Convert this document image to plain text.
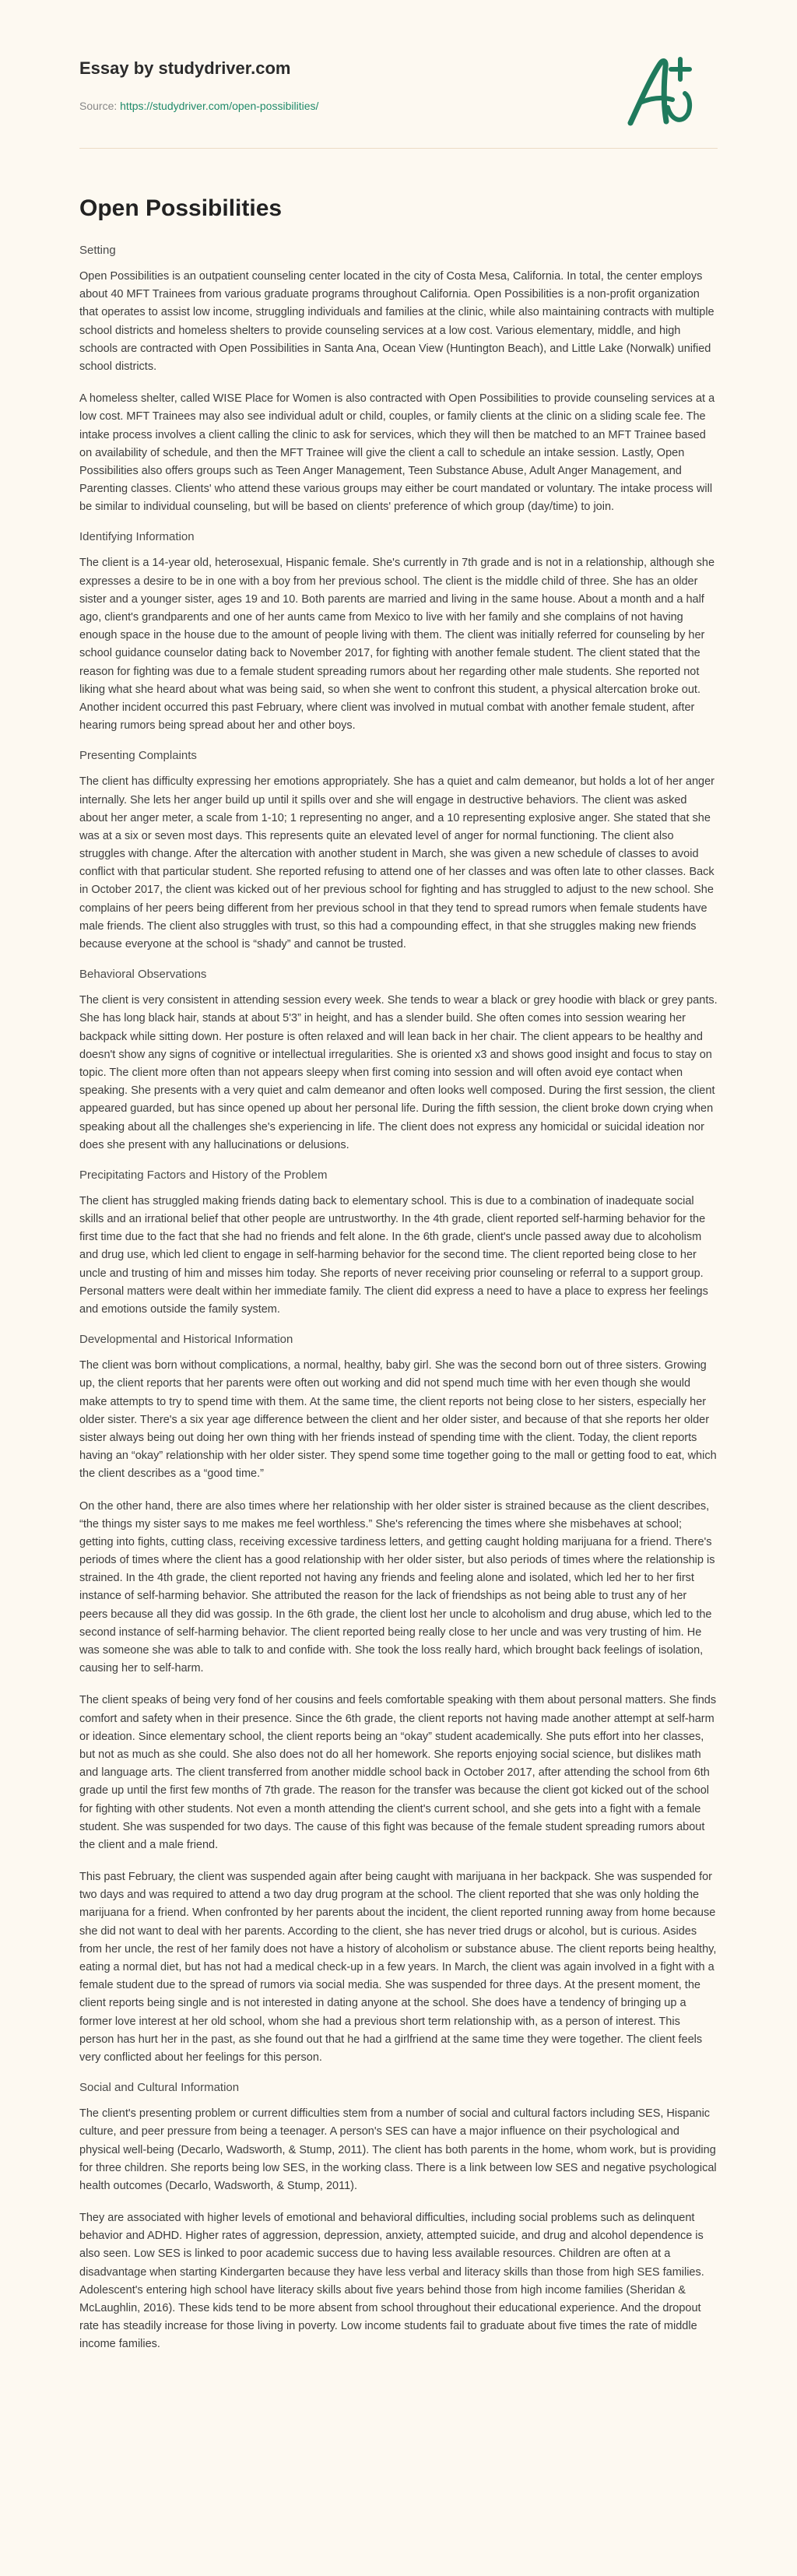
Essay by studydriver.com
Source: https://studydriver.com/open-possibilities/
Open Possibilities
Setting

Open Possibilities is an outpatient counseling center located in the city of Costa Mesa, California. In total, the center employs about 40 MFT Trainees from various graduate programs throughout California. Open Possibilities is a non-profit organization that operates to assist low income, struggling individuals and families at the clinic, while also maintaining contracts with multiple school districts and homeless shelters to provide counseling services at a low cost. Various elementary, middle, and high schools are contracted with Open Possibilities in Santa Ana, Ocean View (Huntington Beach), and Little Lake (Norwalk) unified school districts.

A homeless shelter, called WISE Place for Women is also contracted with Open Possibilities to provide counseling services at a low cost. MFT Trainees may also see individual adult or child, couples, or family clients at the clinic on a sliding scale fee. The intake process involves a client calling the clinic to ask for services, which they will then be matched to an MFT Trainee based on availability of schedule, and then the MFT Trainee will give the client a call to schedule an intake session. Lastly, Open Possibilities also offers groups such as Teen Anger Management, Teen Substance Abuse, Adult Anger Management, and Parenting classes. Clients' who attend these various groups may either be court mandated or voluntary. The intake process will be similar to individual counseling, but will be based on clients' preference of which group (day/time) to join.

Identifying Information

The client is a 14-year old, heterosexual, Hispanic female. She's currently in 7th grade and is not in a relationship, although she expresses a desire to be in one with a boy from her previous school. The client is the middle child of three. She has an older sister and a younger sister, ages 19 and 10. Both parents are married and living in the same house. About a month and a half ago, client's grandparents and one of her aunts came from Mexico to live with her family and she complains of not having enough space in the house due to the amount of people living with them. The client was initially referred for counseling by her school guidance counselor dating back to November 2017, for fighting with another female student. The client stated that the reason for fighting was due to a female student spreading rumors about her regarding other male students. She reported not liking what she heard about what was being said, so when she went to confront this student, a physical altercation broke out. Another incident occurred this past February, where client was involved in mutual combat with another female student, after hearing rumors being spread about her and other boys.

Presenting Complaints

The client has difficulty expressing her emotions appropriately. She has a quiet and calm demeanor, but holds a lot of her anger internally. She lets her anger build up until it spills over and she will engage in destructive behaviors. The client was asked about her anger meter, a scale from 1-10; 1 representing no anger, and a 10 representing explosive anger. She stated that she was at a six or seven most days. This represents quite an elevated level of anger for normal functioning. The client also struggles with change. After the altercation with another student in March, she was given a new schedule of classes to avoid conflict with that particular student. She reported refusing to attend one of her classes and was often late to other classes. Back in October 2017, the client was kicked out of her previous school for fighting and has struggled to adjust to the new school. She complains of her peers being different from her previous school in that they tend to spread rumors when female students have male friends. The client also struggles with trust, so this had a compounding effect, in that she struggles making new friends because everyone at the school is “shady” and cannot be trusted.

Behavioral Observations

The client is very consistent in attending session every week. She tends to wear a black or grey hoodie with black or grey pants. She has long black hair, stands at about 5'3” in height, and has a slender build. She often comes into session wearing her backpack while sitting down. Her posture is often relaxed and will lean back in her chair. The client appears to be healthy and doesn't show any signs of cognitive or intellectual irregularities. She is oriented x3 and shows good insight and focus to stay on topic. The client more often than not appears sleepy when first coming into session and will often avoid eye contact when speaking. She presents with a very quiet and calm demeanor and often looks well composed. During the first session, the client appeared guarded, but has since opened up about her personal life. During the fifth session, the client broke down crying when speaking about all the challenges she's experiencing in life. The client does not express any homicidal or suicidal ideation nor does she present with any hallucinations or delusions.

Precipitating Factors and History of the Problem

The client has struggled making friends dating back to elementary school. This is due to a combination of inadequate social skills and an irrational belief that other people are untrustworthy. In the 4th grade, client reported self-harming behavior for the first time due to the fact that she had no friends and felt alone. In the 6th grade, client's uncle passed away due to alcoholism and drug use, which led client to engage in self-harming behavior for the second time. The client reported being close to her uncle and trusting of him and misses him today. She reports of never receiving prior counseling or referral to a support group. Personal matters were dealt within her immediate family. The client did express a need to have a place to express her feelings and emotions outside the family system.

Developmental and Historical Information

The client was born without complications, a normal, healthy, baby girl. She was the second born out of three sisters. Growing up, the client reports that her parents were often out working and did not spend much time with her even though she would make attempts to try to spend time with them. At the same time, the client reports not being close to her sisters, especially her older sister. There's a six year age difference between the client and her older sister, and because of that she reports her older sister always being out doing her own thing with her friends instead of spending time with the client. Today, the client reports having an “okay” relationship with her older sister. They spend some time together going to the mall or getting food to eat, which the client describes as a “good time.”

On the other hand, there are also times where her relationship with her older sister is strained because as the client describes, “the things my sister says to me makes me feel worthless.” She's referencing the times where she misbehaves at school; getting into fights, cutting class, receiving excessive tardiness letters, and getting caught holding marijuana for a friend. There's periods of times where the client has a good relationship with her older sister, but also periods of times where the relationship is strained. In the 4th grade, the client reported not having any friends and feeling alone and isolated, which led her to her first instance of self-harming behavior. She attributed the reason for the lack of friendships as not being able to trust any of her peers because all they did was gossip. In the 6th grade, the client lost her uncle to alcoholism and drug abuse, which led to the second instance of self-harming behavior. The client reported being really close to her uncle and was very trusting of him. He was someone she was able to talk to and confide with. She took the loss really hard, which brought back feelings of isolation, causing her to self-harm.

The client speaks of being very fond of her cousins and feels comfortable speaking with them about personal matters. She finds comfort and safety when in their presence. Since the 6th grade, the client reports not having made another attempt at self-harm or ideation. Since elementary school, the client reports being an “okay” student academically. She puts effort into her classes, but not as much as she could. She also does not do all her homework. She reports enjoying social science, but dislikes math and language arts. The client transferred from another middle school back in October 2017, after attending the school from 6th grade up until the first few months of 7th grade. The reason for the transfer was because the client got kicked out of the school for fighting with other students. Not even a month attending the client's current school, and she gets into a fight with a female student. She was suspended for two days. The cause of this fight was because of the female student spreading rumors about the client and a male friend.

This past February, the client was suspended again after being caught with marijuana in her backpack. She was suspended for two days and was required to attend a two day drug program at the school. The client reported that she was only holding the marijuana for a friend. When confronted by her parents about the incident, the client reported running away from home because she did not want to deal with her parents. According to the client, she has never tried drugs or alcohol, but is curious. Asides from her uncle, the rest of her family does not have a history of alcoholism or substance abuse. The client reports being healthy, eating a normal diet, but has not had a medical check-up in a few years. In March, the client was again involved in a fight with a female student due to the spread of rumors via social media. She was suspended for three days. At the present moment, the client reports being single and is not interested in dating anyone at the school. She does have a tendency of bringing up a former love interest at her old school, whom she had a previous short term relationship with, as a person of interest. This person has hurt her in the past, as she found out that he had a girlfriend at the same time they were together. The client feels very conflicted about her feelings for this person.

Social and Cultural Information

The client's presenting problem or current difficulties stem from a number of social and cultural factors including SES, Hispanic culture, and peer pressure from being a teenager. A person's SES can have a major influence on their psychological and physical well-being (Decarlo, Wadsworth, & Stump, 2011). The client has both parents in the home, whom work, but is providing for three children. She reports being low SES, in the working class. There is a link between low SES and negative psychological health outcomes (Decarlo, Wadsworth, & Stump, 2011).

They are associated with higher levels of emotional and behavioral difficulties, including social problems such as delinquent behavior and ADHD. Higher rates of aggression, depression, anxiety, attempted suicide, and drug and alcohol dependence is also seen. Low SES is linked to poor academic success due to having less available resources. Children are often at a disadvantage when starting Kindergarten because they have less verbal and literacy skills than those from high SES families. Adolescent's entering high school have literacy skills about five years behind those from high income families (Sheridan & McLaughlin, 2016). These kids tend to be more absent from school throughout their educational experience. And the dropout rate has steadily increase for those living in poverty. Low income students fail to graduate about five times the rate of middle income families.
